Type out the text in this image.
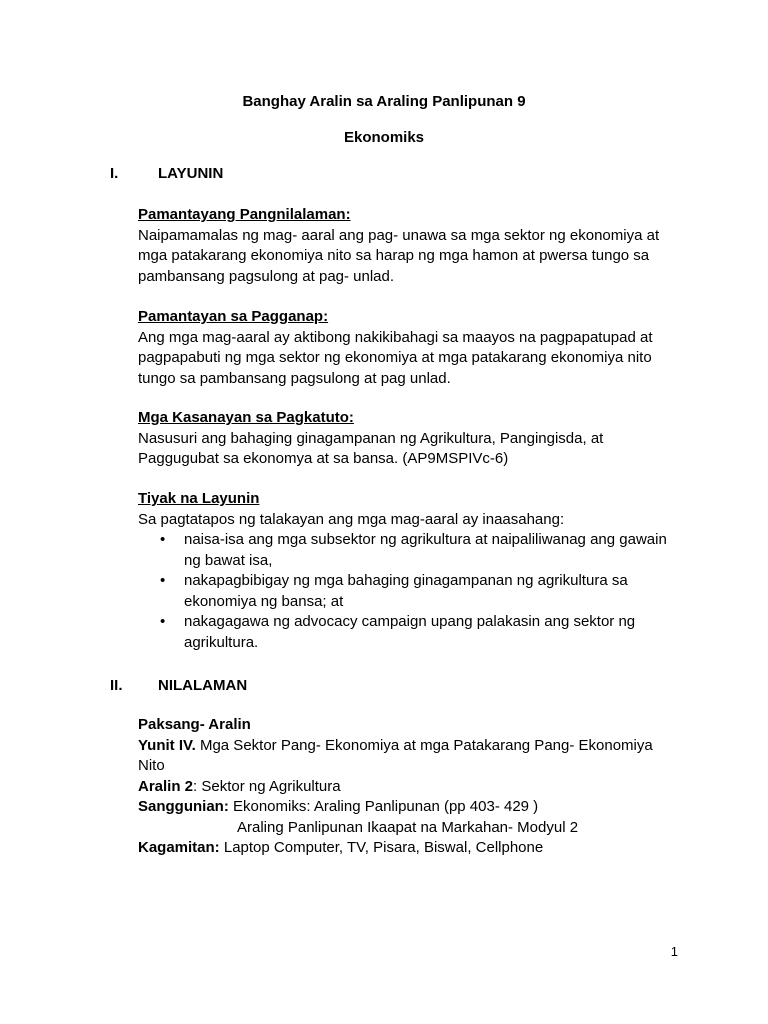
Banghay Aralin sa Araling Panlipunan 9
Ekonomiks
I.	LAYUNIN

Pamantayang Pangnilalaman:

Naipamamalas ng mag- aaral ang pag- unawa sa mga sektor ng ekonomiya at mga patakarang ekonomiya nito sa harap ng mga hamon at pwersa tungo sa pambansang pagsulong at pag- unlad.

Pamantayan sa Pagganap:

Ang mga mag-aaral ay aktibong nakikibahagi sa maayos na pagpapatupad at pagpapabuti ng mga sektor ng ekonomiya at mga patakarang ekonomiya nito tungo sa pambansang pagsulong at pag unlad.

Mga Kasanayan sa Pagkatuto:

Nasusuri ang bahaging ginagampanan ng Agrikultura, Pangingisda, at Paggugubat sa ekonomya at sa bansa. (AP9MSPIVc-6)

Tiyak na Layunin

Sa pagtatapos ng talakayan ang mga mag-aaral ay inaasahang:

• naisa-isa ang mga subsektor ng agrikultura at naipaliliwanag ang gawain ng bawat isa,
• nakapagbibigay ng mga bahaging ginagampanan ng agrikultura sa ekonomiya ng bansa; at
• nakagagawa ng advocacy campaign upang palakasin ang sektor ng agrikultura.
II. NILALAMAN

Paksang- Aralin

Yunit IV. Mga Sektor Pang- Ekonomiya at mga Patakarang Pang- Ekonomiya Nito

Aralin 2: Sektor ng Agrikultura

Sanggunian: Ekonomiks: Araling Panlipunan (pp 403- 429 )

Araling Panlipunan Ikaapat na Markahan- Modyul 2

Kagamitan: Laptop Computer, TV, Pisara, Biswal, Cellphone

1
